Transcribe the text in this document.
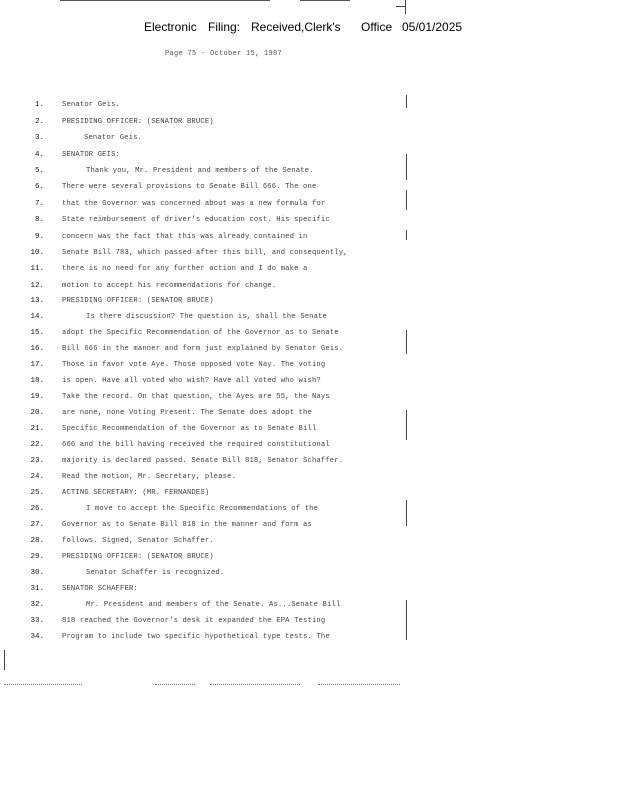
Electronic Filing: Received,Clerk's Office 05/01/2025
Page 75 - October 15, 1987
1.	Senator Geis.
2.	PRESIDING OFFICER: (SENATOR BRUCE)
3.	Senator Geis.
4.	SENATOR GEIS:
5.	Thank you, Mr. President and members of the Senate.
6.	There were several provisions to Senate Bill 666. The one
7.	that the Governor was concerned about was a new formula for
8.	State reimbursement of driver's education cost. His specific
9.	concern was the fact that this was already contained in
10.	Senate Bill 783, which passed after this bill, and consequently,
11.	there is no need for any further action and I do make a
12.	motion to accept his recommendations for change.
13.	PRESIDING OFFICER: (SENATOR BRUCE)
14.	Is there discussion? The question is, shall the Senate
15.	adopt the Specific Recommendation of the Governor as to Senate
16.	Bill 666 in the manner and form just explained by Senator Geis.
17.	Those in favor vote Aye. Those opposed vote Nay. The voting
18.	is open. Have all voted who wish? Have all voted who wish?
19.	Take the record. On that question, the Ayes are 55, the Nays
20.	are none, none Voting Present. The Senate does adopt the
21.	Specific Recommendation of the Governor as to Senate Bill
22.	666 and the bill having received the required constitutional
23.	majority is declared passed. Senate Bill 818, Senator Schaffer.
24.	Read the motion, Mr. Secretary, please.
25.	ACTING SECRETARY: (MR. FERNANDES)
26.	I move to accept the Specific Recommendations of the
27.	Governor as to Senate Bill 818 in the manner and form as
28.	follows. Signed, Senator Schaffer.
29.	PRESIDING OFFICER: (SENATOR BRUCE)
30.	Senator Schaffer is recognized.
31.	SENATOR SCHAFFER:
32.	Mr. President and members of the Senate. As...Senate Bill
33.	818 reached the Governor's desk it expanded the EPA Testing
34.	Program to include two specific hypothetical type tests. The
